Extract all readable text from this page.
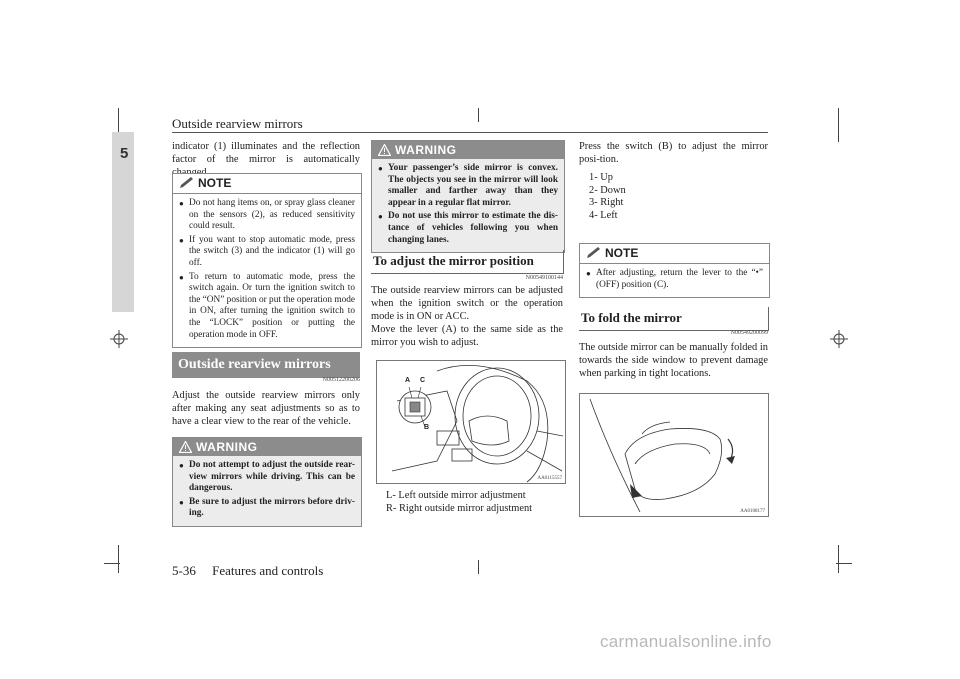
Outside rearview mirrors
5	indicator (1) illuminates and the reflection factor of the mirror is automatically
NOTE
● Do not hang items on, or spray glass cleaner on the sensors (2), as reduced sensitivity could result.
● If you want to stop automatic mode, press the switch (3) and the indicator (1) will go off.
● To return to automatic mode, press the switch again. Or turn the ignition switch to the “ON” position or put the operation mode in ON, after turning the ignition switch to the “LOCK” position or putting the operation mode in OFF.
Outside rearview mirrors
N00512200206
Adjust the outside rearview mirrors only after making any seat adjustments so as to have a clear view to the rear of the vehicle.
WARNING
● Do not attempt to adjust the outside rear-view mirrors while driving. This can be dangerous.
● Be sure to adjust the mirrors before driv-ing.
WARNING
● Your passenger’s side mirror is convex. The objects you see in the mirror will look smaller and farther away than they appear in a regular flat mirror.
● Do not use this mirror to estimate the dis-tance of vehicles following you when changing lanes.
To adjust the mirror position
N00549100144
The outside rearview mirrors can be adjusted when the ignition switch or the operation mode is in ON or ACC.
Move the lever (A) to the same side as the mirror you wish to adjust.
A C
B
AA0115557
L- Left outside mirror adjustment
R- Right outside mirror adjustment
Press the switch (B) to adjust the mirror posi-tion.
1- Up
2- Down
3- Right
4- Left
NOTE
● After adjusting, return the lever to the “•” (OFF) position (C).
To fold the mirror
N00549200099
The outside mirror can be manually folded in towards the side window to prevent damage when parking in tight locations.
AA0108177
5-36 Features and controls
carmanualsonline.info
